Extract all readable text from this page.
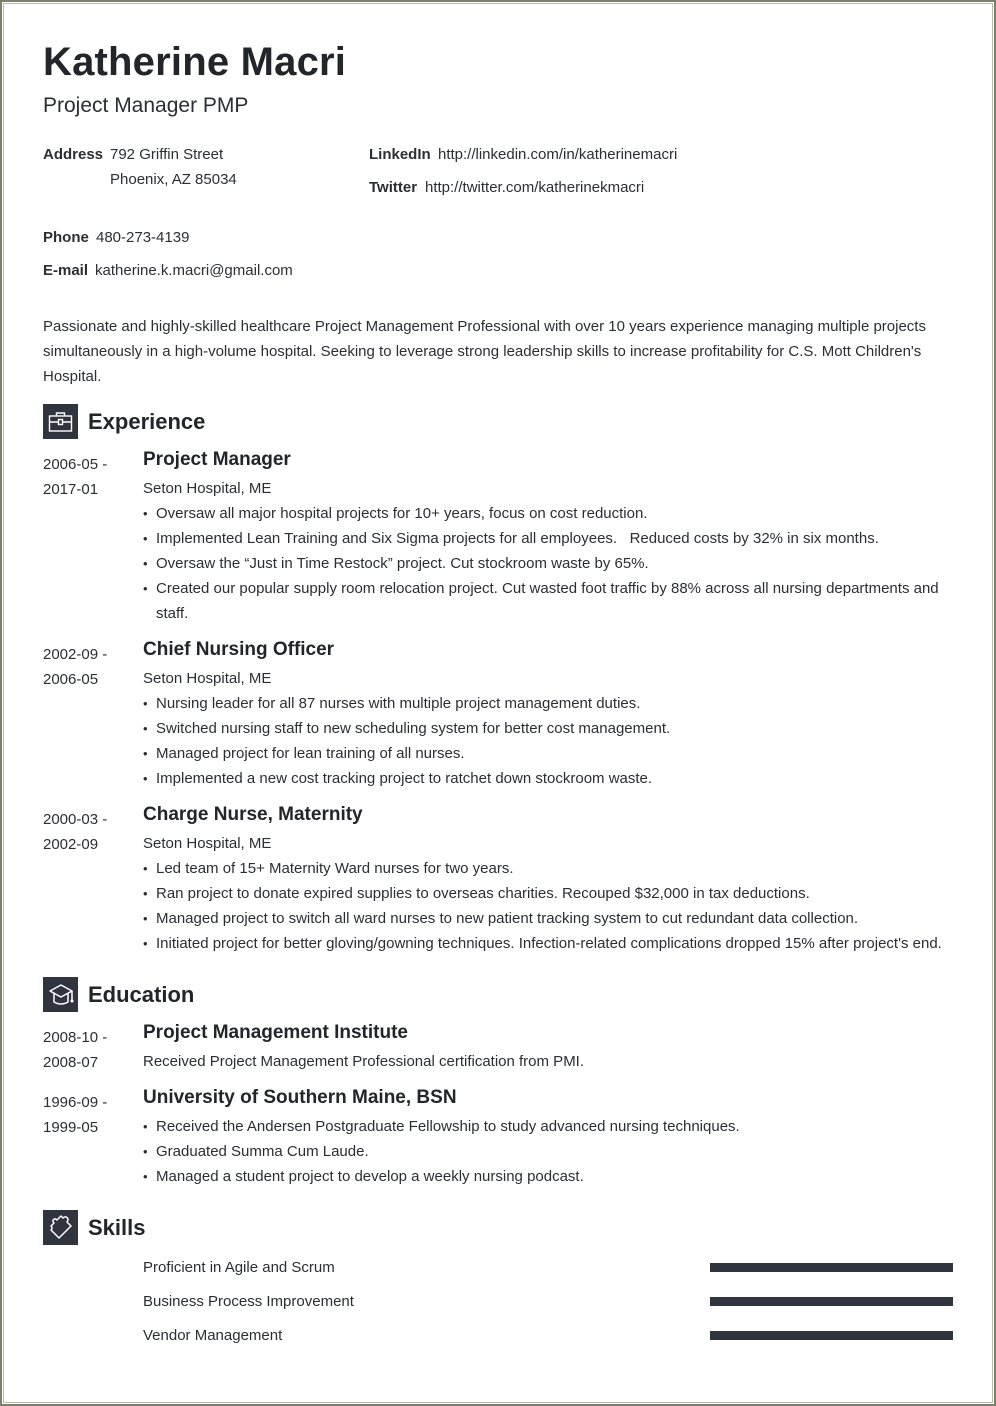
Katherine Macri
Project Manager PMP
Address 792 Griffin Street
Phoenix, AZ 85034
LinkedIn http://linkedin.com/in/katherinemacri
Twitter http://twitter.com/katherinekmacri
Phone 480-273-4139
E-mail katherine.k.macri@gmail.com
Passionate and highly-skilled healthcare Project Management Professional with over 10 years experience managing multiple projects simultaneously in a high-volume hospital. Seeking to leverage strong leadership skills to increase profitability for C.S. Mott Children's Hospital.
Experience
2006-05 -
2017-01
Project Manager
Seton Hospital, ME
• Oversaw all major hospital projects for 10+ years, focus on cost reduction.
• Implemented Lean Training and Six Sigma projects for all employees.   Reduced costs by 32% in six months.
• Oversaw the “Just in Time Restock” project. Cut stockroom waste by 65%.
• Created our popular supply room relocation project. Cut wasted foot traffic by 88% across all nursing departments and staff.
2002-09 -
2006-05
Chief Nursing Officer
Seton Hospital, ME
• Nursing leader for all 87 nurses with multiple project management duties.
• Switched nursing staff to new scheduling system for better cost management.
• Managed project for lean training of all nurses.
• Implemented a new cost tracking project to ratchet down stockroom waste.
2000-03 -
2002-09
Charge Nurse, Maternity
Seton Hospital, ME
• Led team of 15+ Maternity Ward nurses for two years.
• Ran project to donate expired supplies to overseas charities. Recouped $32,000 in tax deductions.
• Managed project to switch all ward nurses to new patient tracking system to cut redundant data collection.
• Initiated project for better gloving/gowning techniques. Infection-related complications dropped 15% after project's end.
Education
2008-10 -
2008-07
Project Management Institute
Received Project Management Professional certification from PMI.
1996-09 -
1999-05
University of Southern Maine, BSN
• Received the Andersen Postgraduate Fellowship to study advanced nursing techniques.
• Graduated Summa Cum Laude.
• Managed a student project to develop a weekly nursing podcast.
Skills
Proficient in Agile and Scrum
Business Process Improvement
Vendor Management
